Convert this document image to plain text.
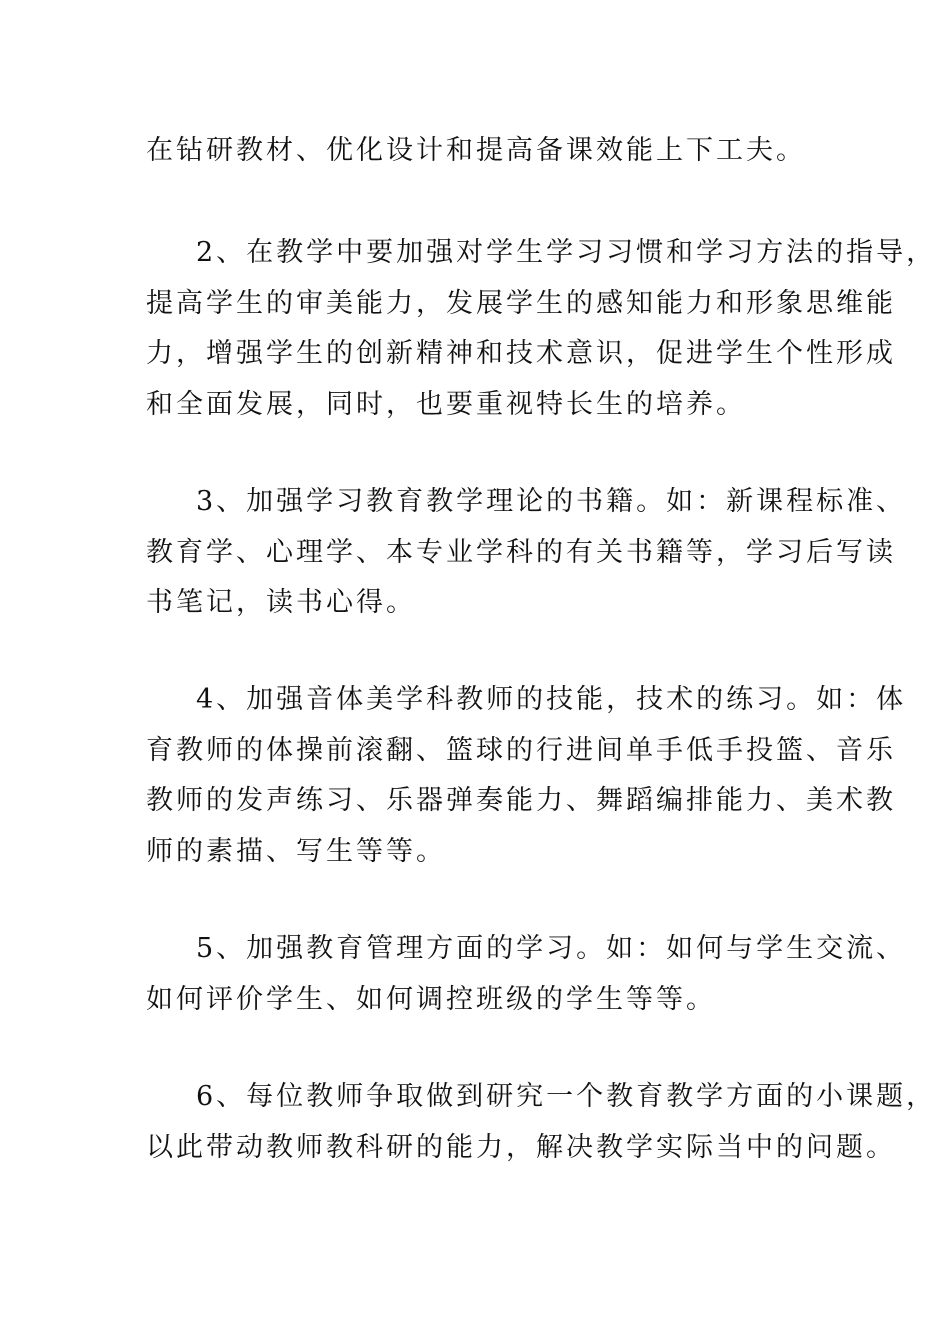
在钻研教材、优化设计和提高备课效能上下工夫。
2、在教学中要加强对学生学习习惯和学习方法的指导，
提高学生的审美能力，发展学生的感知能力和形象思维能
力，增强学生的创新精神和技术意识，促进学生个性形成
和全面发展，同时，也要重视特长生的培养。
3、加强学习教育教学理论的书籍。如：新课程标准、
教育学、心理学、本专业学科的有关书籍等，学习后写读
书笔记，读书心得。
4、加强音体美学科教师的技能，技术的练习。如：体
育教师的体操前滚翻、篮球的行进间单手低手投篮、音乐
教师的发声练习、乐器弹奏能力、舞蹈编排能力、美术教
师的素描、写生等等。
5、加强教育管理方面的学习。如：如何与学生交流、
如何评价学生、如何调控班级的学生等等。
6、每位教师争取做到研究一个教育教学方面的小课题，
以此带动教师教科研的能力，解决教学实际当中的问题。
